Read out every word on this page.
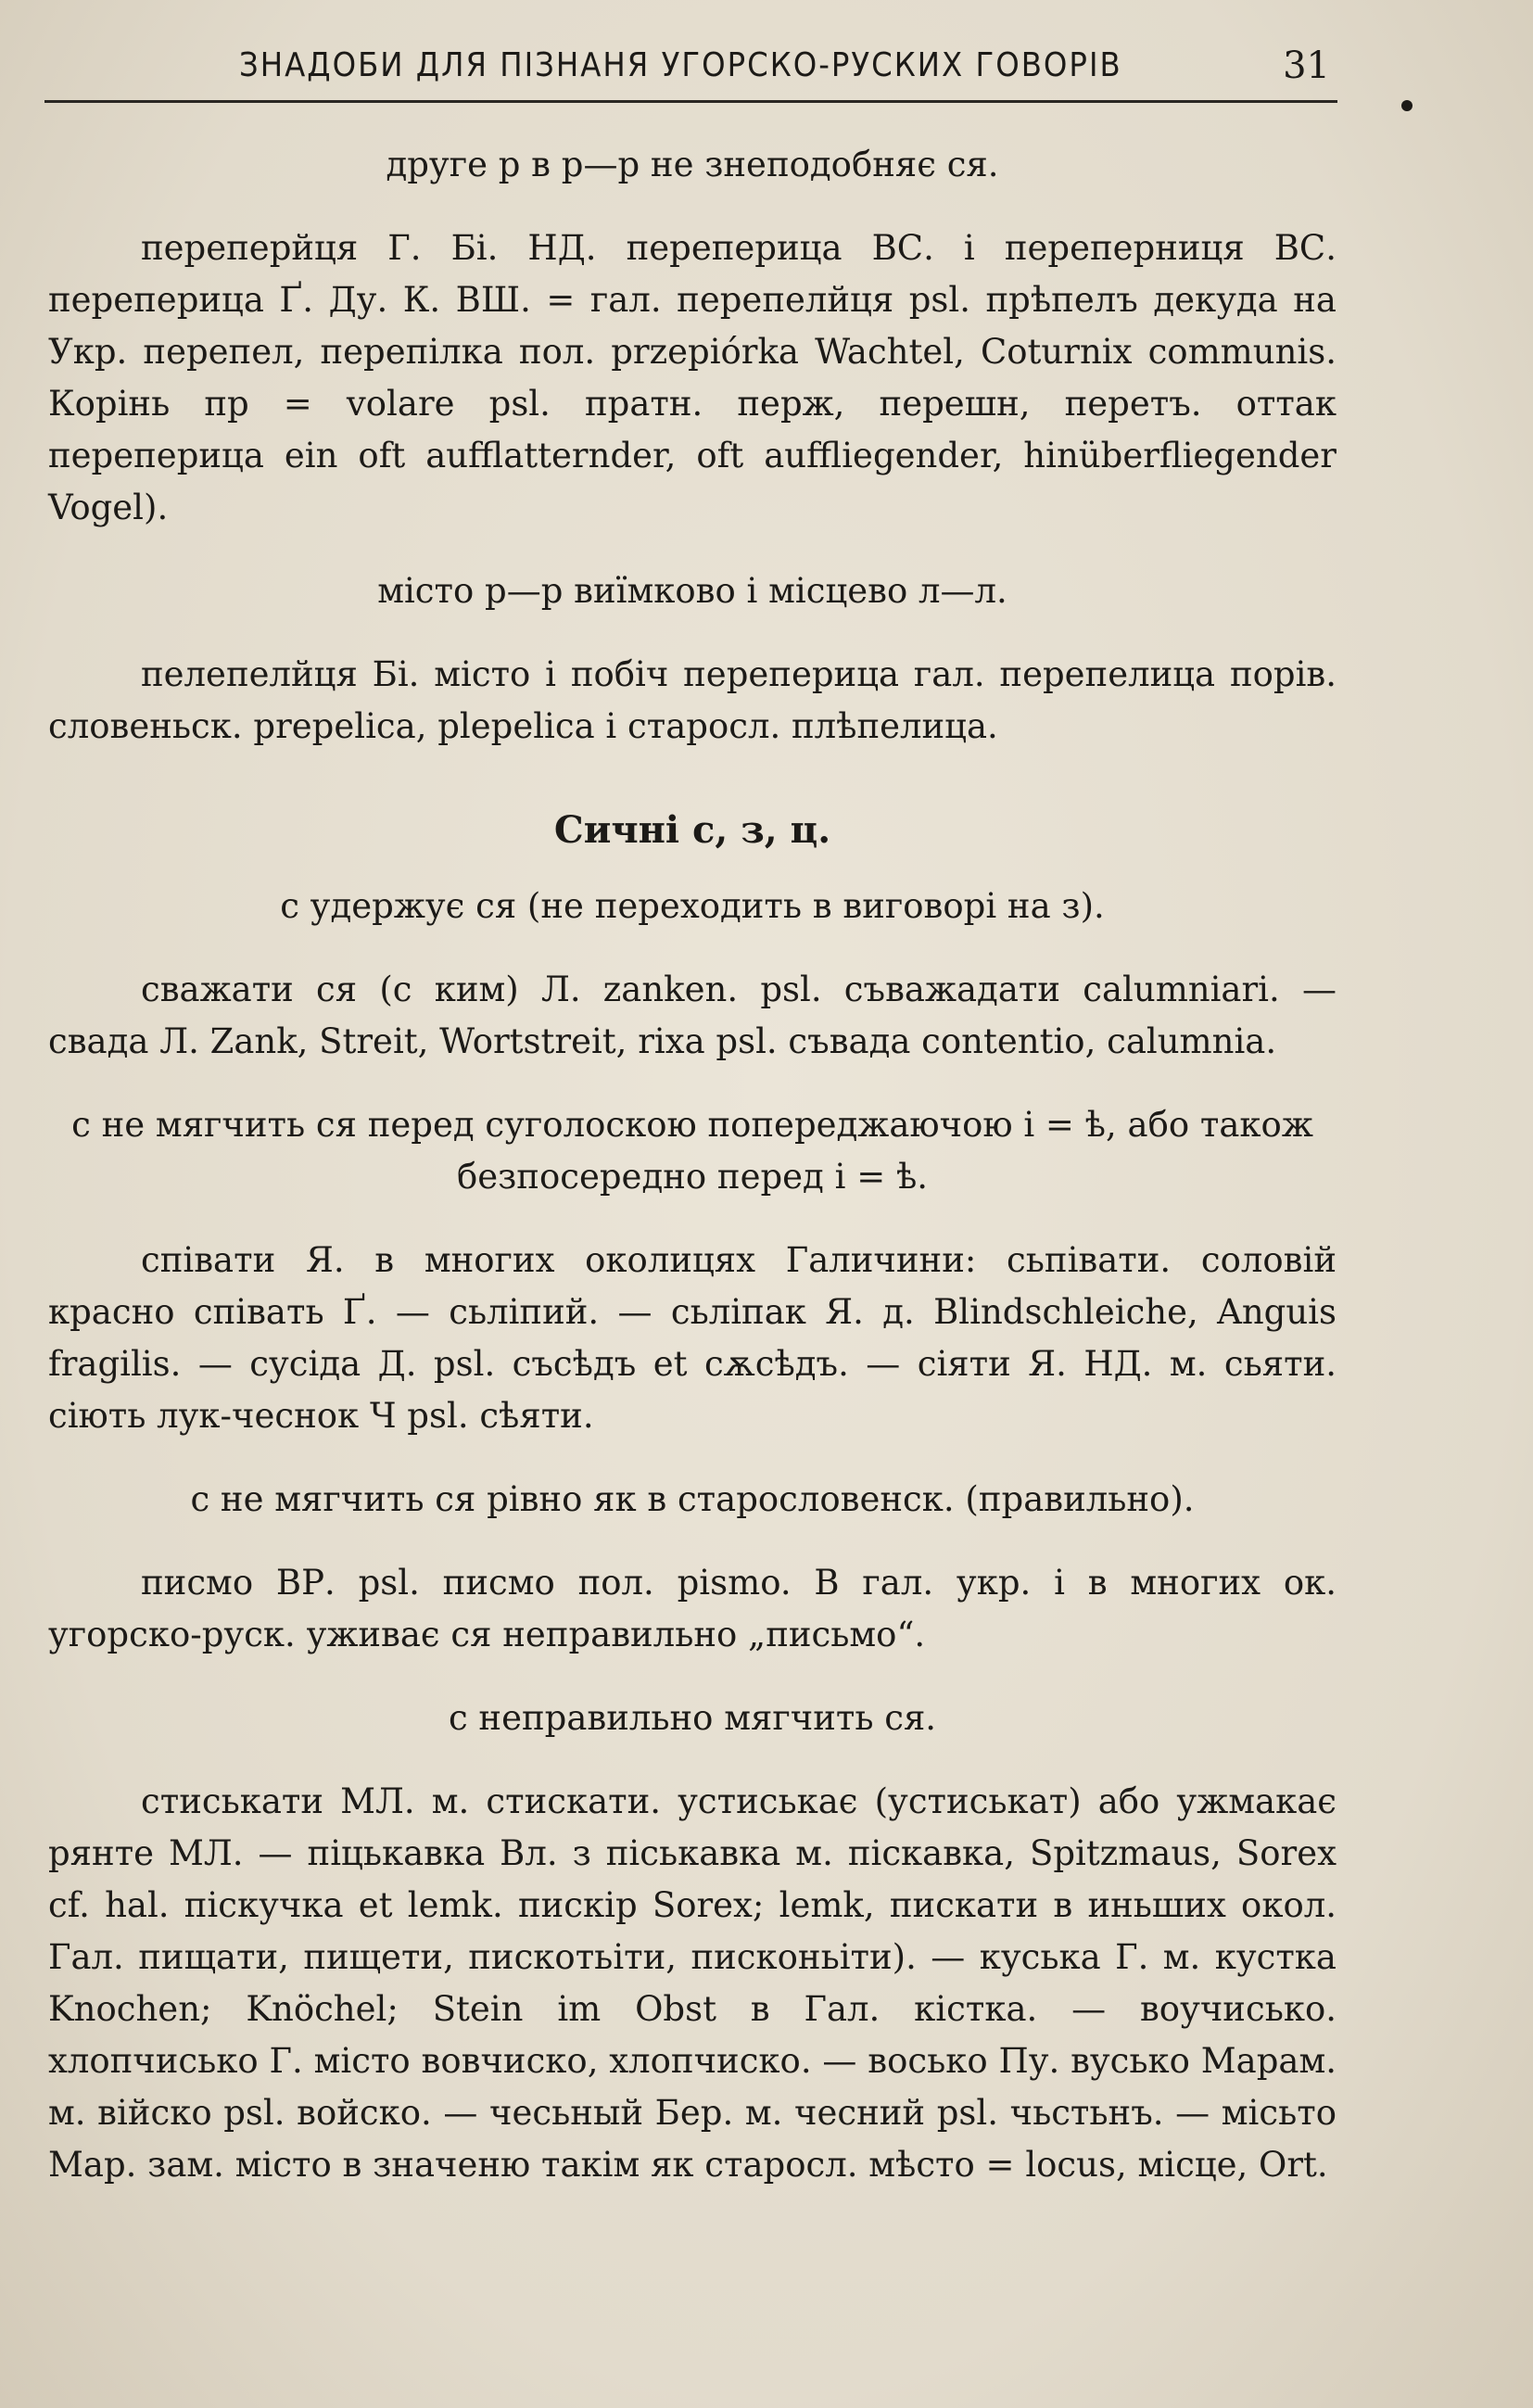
ЗНАДОБИ ДЛЯ ПІЗНАНЯ УГОРСКО-РУСКИХ ГОВОРІВ	31

друге р в р—р не знеподобняє ся.

переперйця Г. Бі. НД. переперица ВС. і переперниця ВС. переперица Ґ. Ду. К. ВШ. = гал. перепелйця psl. прѣпелъ декуда на Укр. перепел, перепілка пол. przepiórka Wachtel, Coturnix communis. Корінь пр = volare psl. пратн. перж, перешн, перетъ. оттак переперица ein oft aufflatternder, oft auffliegender, hinüberfliegender Vogel).

місто р—р виїмково і місцево л—л.

пелепелйця Бі. місто і побіч переперица гал. перепелица порів. словеньск. prepelica, plepelica і старосл. плѣпелица.

Сичні с, з, ц.

с удержує ся (не переходить в виговорі на з).

сважати ся (с ким) Л. zanken. psl. съважадати calumniari. — свада Л. Zank, Streit, Wortstreit, rixa psl. съвада contentio, calumnia.

с не мягчить ся перед суголоскою попереджаючою і = ѣ, або також безпосередно перед і = ѣ.

співати Я. в многих околицях Галичини: сьпівати. соловій красно співать Ґ. — сьліпий. — сьліпак Я. д. Blindschleiche, Anguis fragilis. — сусіда Д. psl. съсѣдъ et сѫсѣдъ. — сіяти Я. НД. м. сьяти. сіють лук-чеснок Ч psl. сѣяти.

с не мягчить ся рівно як в старословенск. (правильно).

писмо ВР. psl. писмо пол. pismo. В гал. укр. і в многих ок. угорско-руск. уживає ся неправильно „письмо“.

с неправильно мягчить ся.

стиськати МЛ. м. стискати. устиськає (устиськат) або ужмакає рянте МЛ. — піцькавка Вл. з піськавка м. піскавка, Spitzmaus, Sorex cf. hal. піскучка et lemk. пискір Sorex; lemk, пискати в иньших окол. Гал. пищати, пищети, пискотьіти, писконьіти). — куська Г. м. кустка Knochen; Knöchel; Stein im Obst в Гал. кістка. — воучисько. хлопчисько Г. місто вовчиско, хлопчиско. — восько Пу. вуcько Марам. м. війско psl. войско. — чесьный Бер. м. чесний psl. чьстьнъ. — місьто Мар. зам. місто в значеню такім як старосл. мѣсто = locus, місце, Ort.
